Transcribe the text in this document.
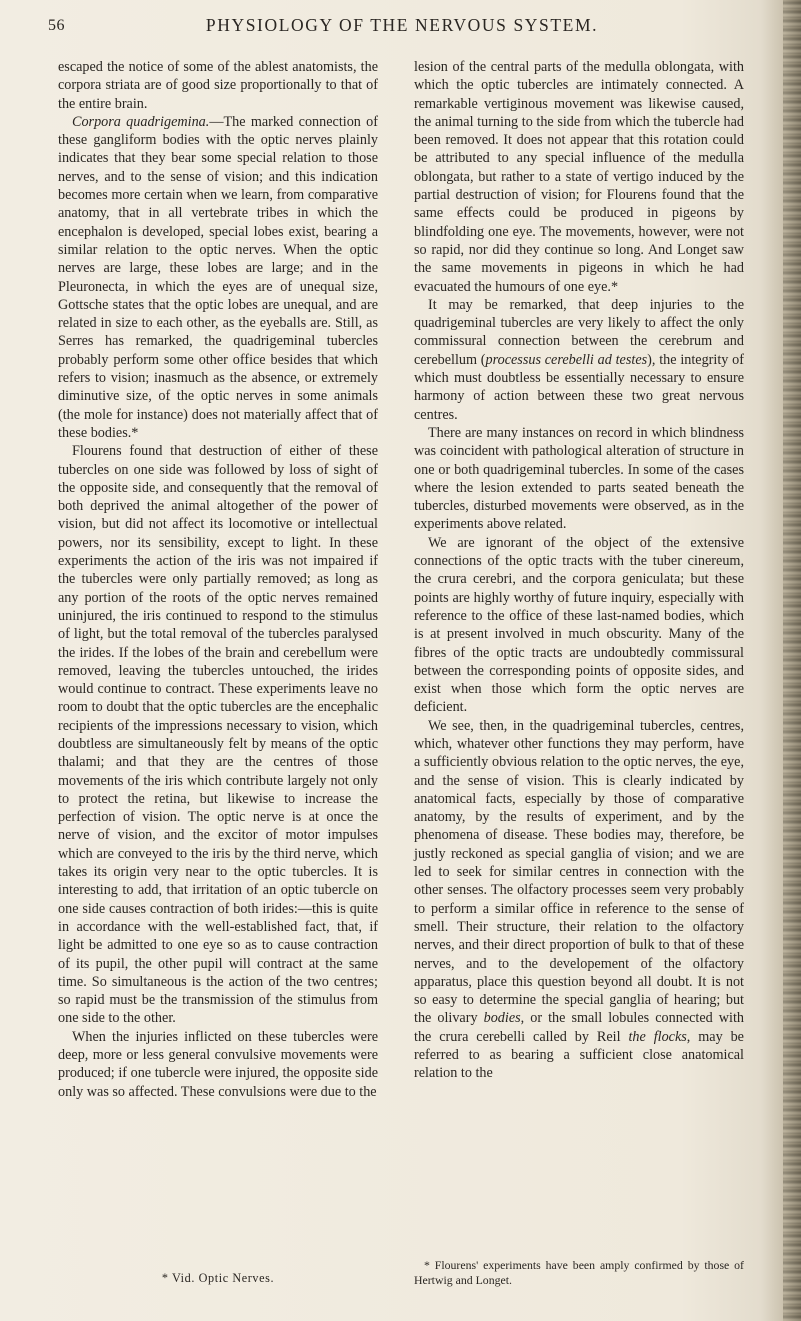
56	PHYSIOLOGY OF THE NERVOUS SYSTEM.

escaped the notice of some of the ablest anatomists, the corpora striata are of good size proportionally to that of the entire brain.

Corpora quadrigemina.—The marked connection of these gangliform bodies with the optic nerves plainly indicates that they bear some special relation to those nerves, and to the sense of vision; and this indication becomes more certain when we learn, from comparative anatomy, that in all vertebrate tribes in which the encephalon is developed, special lobes exist, bearing a similar relation to the optic nerves. When the optic nerves are large, these lobes are large; and in the Pleuronecta, in which the eyes are of unequal size, Gottsche states that the optic lobes are unequal, and are related in size to each other, as the eyeballs are. Still, as Serres has remarked, the quadrigeminal tubercles probably perform some other office besides that which refers to vision; inasmuch as the absence, or extremely diminutive size, of the optic nerves in some animals (the mole for instance) does not materially affect that of these bodies.*

Flourens found that destruction of either of these tubercles on one side was followed by loss of sight of the opposite side, and consequently that the removal of both deprived the animal altogether of the power of vision, but did not affect its locomotive or intellectual powers, nor its sensibility, except to light. In these experiments the action of the iris was not impaired if the tubercles were only partially removed; as long as any portion of the roots of the optic nerves remained uninjured, the iris continued to respond to the stimulus of light, but the total removal of the tubercles paralysed the irides. If the lobes of the brain and cerebellum were removed, leaving the tubercles untouched, the irides would continue to contract. These experiments leave no room to doubt that the optic tubercles are the encephalic recipients of the impressions necessary to vision, which doubtless are simultaneously felt by means of the optic thalami; and that they are the centres of those movements of the iris which contribute largely not only to protect the retina, but likewise to increase the perfection of vision. The optic nerve is at once the nerve of vision, and the excitor of motor impulses which are conveyed to the iris by the third nerve, which takes its origin very near to the optic tubercles. It is interesting to add, that irritation of an optic tubercle on one side causes contraction of both irides:—this is quite in accordance with the well-established fact, that, if light be admitted to one eye so as to cause contraction of its pupil, the other pupil will contract at the same time. So simultaneous is the action of the two centres; so rapid must be the transmission of the stimulus from one side to the other.

When the injuries inflicted on these tubercles were deep, more or less general convulsive movements were produced; if one tubercle were injured, the opposite side only was so affected. These convulsions were due to the

* Vid. Optic Nerves.

lesion of the central parts of the medulla oblongata, with which the optic tubercles are intimately connected. A remarkable vertiginous movement was likewise caused, the animal turning to the side from which the tubercle had been removed. It does not appear that this rotation could be attributed to any special influence of the medulla oblongata, but rather to a state of vertigo induced by the partial destruction of vision; for Flourens found that the same effects could be produced in pigeons by blindfolding one eye. The movements, however, were not so rapid, nor did they continue so long. And Longet saw the same movements in pigeons in which he had evacuated the humours of one eye.*

It may be remarked, that deep injuries to the quadrigeminal tubercles are very likely to affect the only commissural connection between the cerebrum and cerebellum (processus cerebelli ad testes), the integrity of which must doubtless be essentially necessary to ensure harmony of action between these two great nervous centres.

There are many instances on record in which blindness was coincident with pathological alteration of structure in one or both quadrigeminal tubercles. In some of the cases where the lesion extended to parts seated beneath the tubercles, disturbed movements were observed, as in the experiments above related.

We are ignorant of the object of the extensive connections of the optic tracts with the tuber cinereum, the crura cerebri, and the corpora geniculata; but these points are highly worthy of future inquiry, especially with reference to the office of these last-named bodies, which is at present involved in much obscurity. Many of the fibres of the optic tracts are undoubtedly commissural between the corresponding points of opposite sides, and exist when those which form the optic nerves are deficient.

We see, then, in the quadrigeminal tubercles, centres, which, whatever other functions they may perform, have a sufficiently obvious relation to the optic nerves, the eye, and the sense of vision. This is clearly indicated by anatomical facts, especially by those of comparative anatomy, by the results of experiment, and by the phenomena of disease. These bodies may, therefore, be justly reckoned as special ganglia of vision; and we are led to seek for similar centres in connection with the other senses. The olfactory processes seem very probably to perform a similar office in reference to the sense of smell. Their structure, their relation to the olfactory nerves, and their direct proportion of bulk to that of these nerves, and to the developement of the olfactory apparatus, place this question beyond all doubt. It is not so easy to determine the special ganglia of hearing; but the olivary bodies, or the small lobules connected with the crura cerebelli called by Reil the flocks, may be referred to as bearing a sufficient close anatomical relation to the

* Flourens' experiments have been amply confirmed by those of Hertwig and Longet.
